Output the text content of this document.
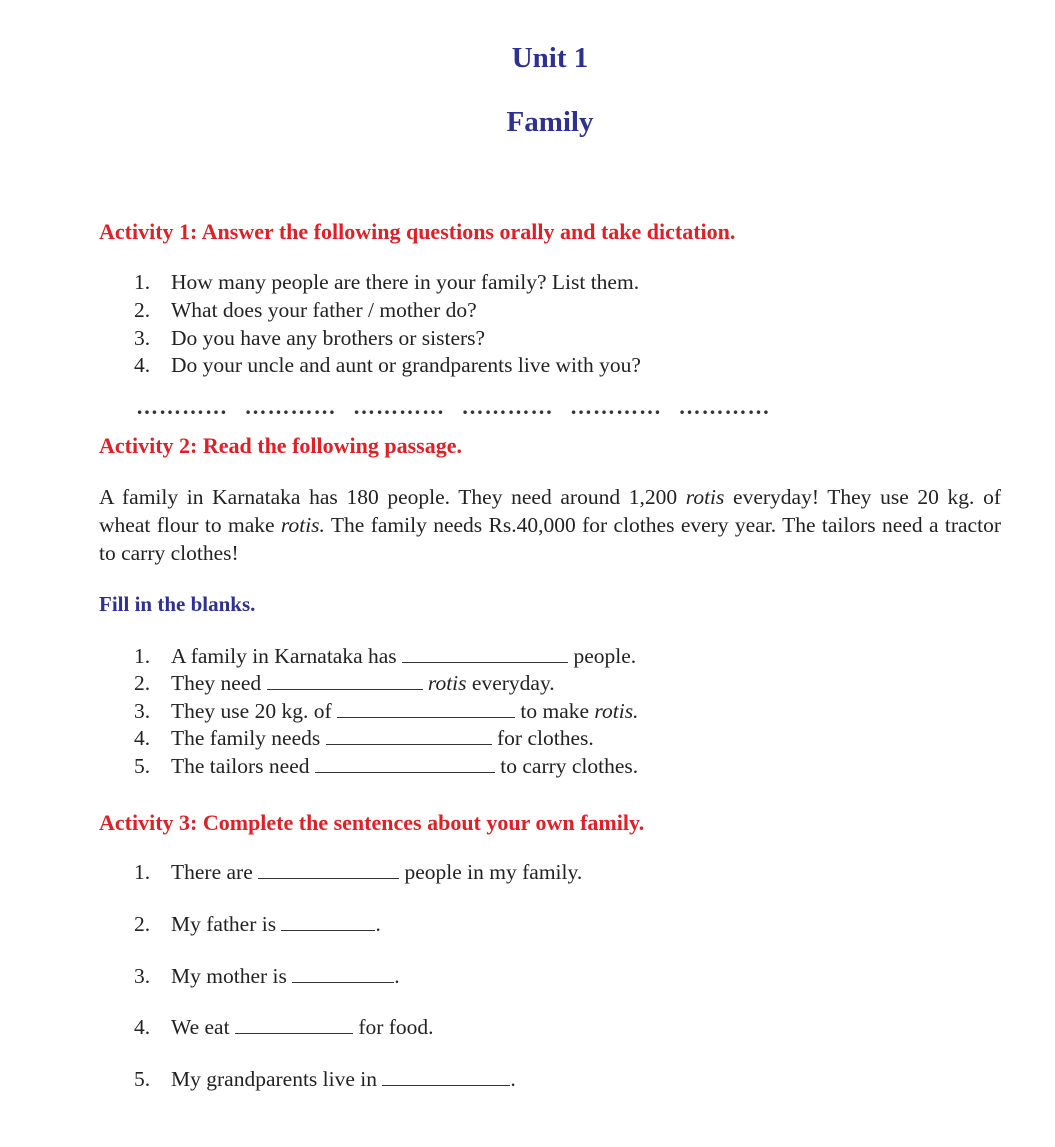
Unit 1
Family
Activity 1: Answer the following questions orally and take dictation.
1. How many people are there in your family? List them.
2. What does your father / mother do?
3. Do you have any brothers or sisters?
4. Do your uncle and aunt or grandparents live with you?
………… ………… ………… ………… ………… …………
Activity 2: Read the following passage.
A family in Karnataka has 180 people. They need around 1,200 rotis everyday! They use 20 kg. of wheat flour to make rotis. The family needs Rs.40,000 for clothes every year. The tailors need a tractor to carry clothes!
Fill in the blanks.
1. A family in Karnataka has	people.
2. They need	rotis everyday.
3. They use 20 kg. of	to make rotis.
4. The family needs	for clothes.
5. The tailors need	to carry clothes.
Activity 3: Complete the sentences about your own family.
1. There are	people in my family.
2. My father is	.
3. My mother is	.
4. We eat	for food.
5. My grandparents live in	.
